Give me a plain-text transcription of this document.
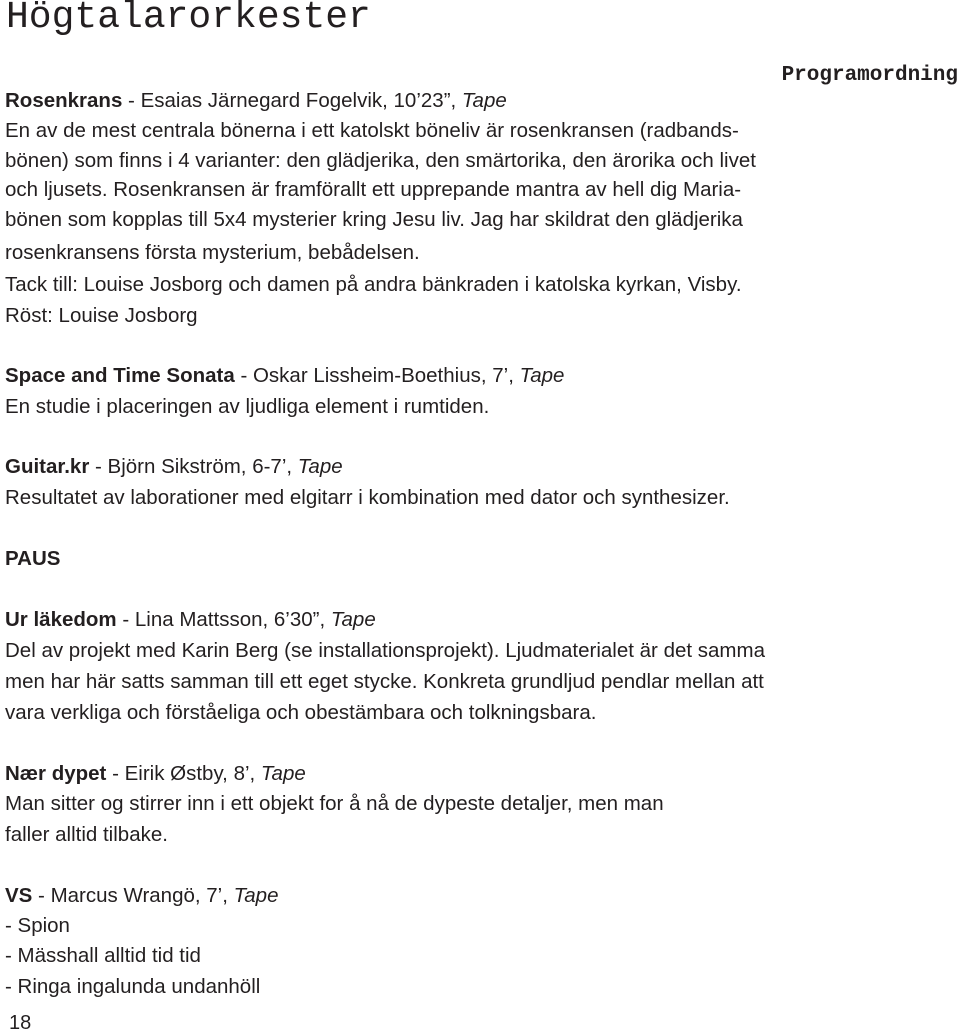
Högtalarorkester
Programordning
Rosenkrans - Esaias Järnegard Fogelvik, 10’23”, Tape
En av de mest centrala bönerna i ett katolskt böneliv är rosenkransen (radbands-
bönen) som finns i 4 varianter: den glädjerika, den smärtorika, den ärorika och livet
och ljusets. Rosenkransen är framförallt ett upprepande mantra av hell dig Maria-
bönen som kopplas till 5x4 mysterier kring Jesu liv. Jag har skildrat den glädjerika
rosenkransens första mysterium, bebådelsen.
Tack till: Louise Josborg och damen på andra bänkraden i katolska kyrkan, Visby.
Röst: Louise Josborg
Space and Time Sonata - Oskar Lissheim-Boethius, 7’, Tape
En studie i placeringen av ljudliga element i rumtiden.
Guitar.kr - Björn Sikström, 6-7’, Tape
Resultatet av laborationer med elgitarr i kombination med dator och synthesizer.
PAUS
Ur läkedom - Lina Mattsson, 6’30”, Tape
Del av projekt med Karin Berg (se installationsprojekt). Ljudmaterialet är det samma
men har här satts samman till ett eget stycke. Konkreta grundljud pendlar mellan att
vara verkliga och förståeliga och obestämbara och tolkningsbara.
Nær dypet - Eirik Østby, 8’, Tape
Man sitter og stirrer inn i ett objekt for å nå de dypeste detaljer, men man
faller alltid tilbake.
VS - Marcus Wrangö, 7’, Tape
- Spion
- Mässhall alltid tid tid
- Ringa ingalunda undanhöll
18
